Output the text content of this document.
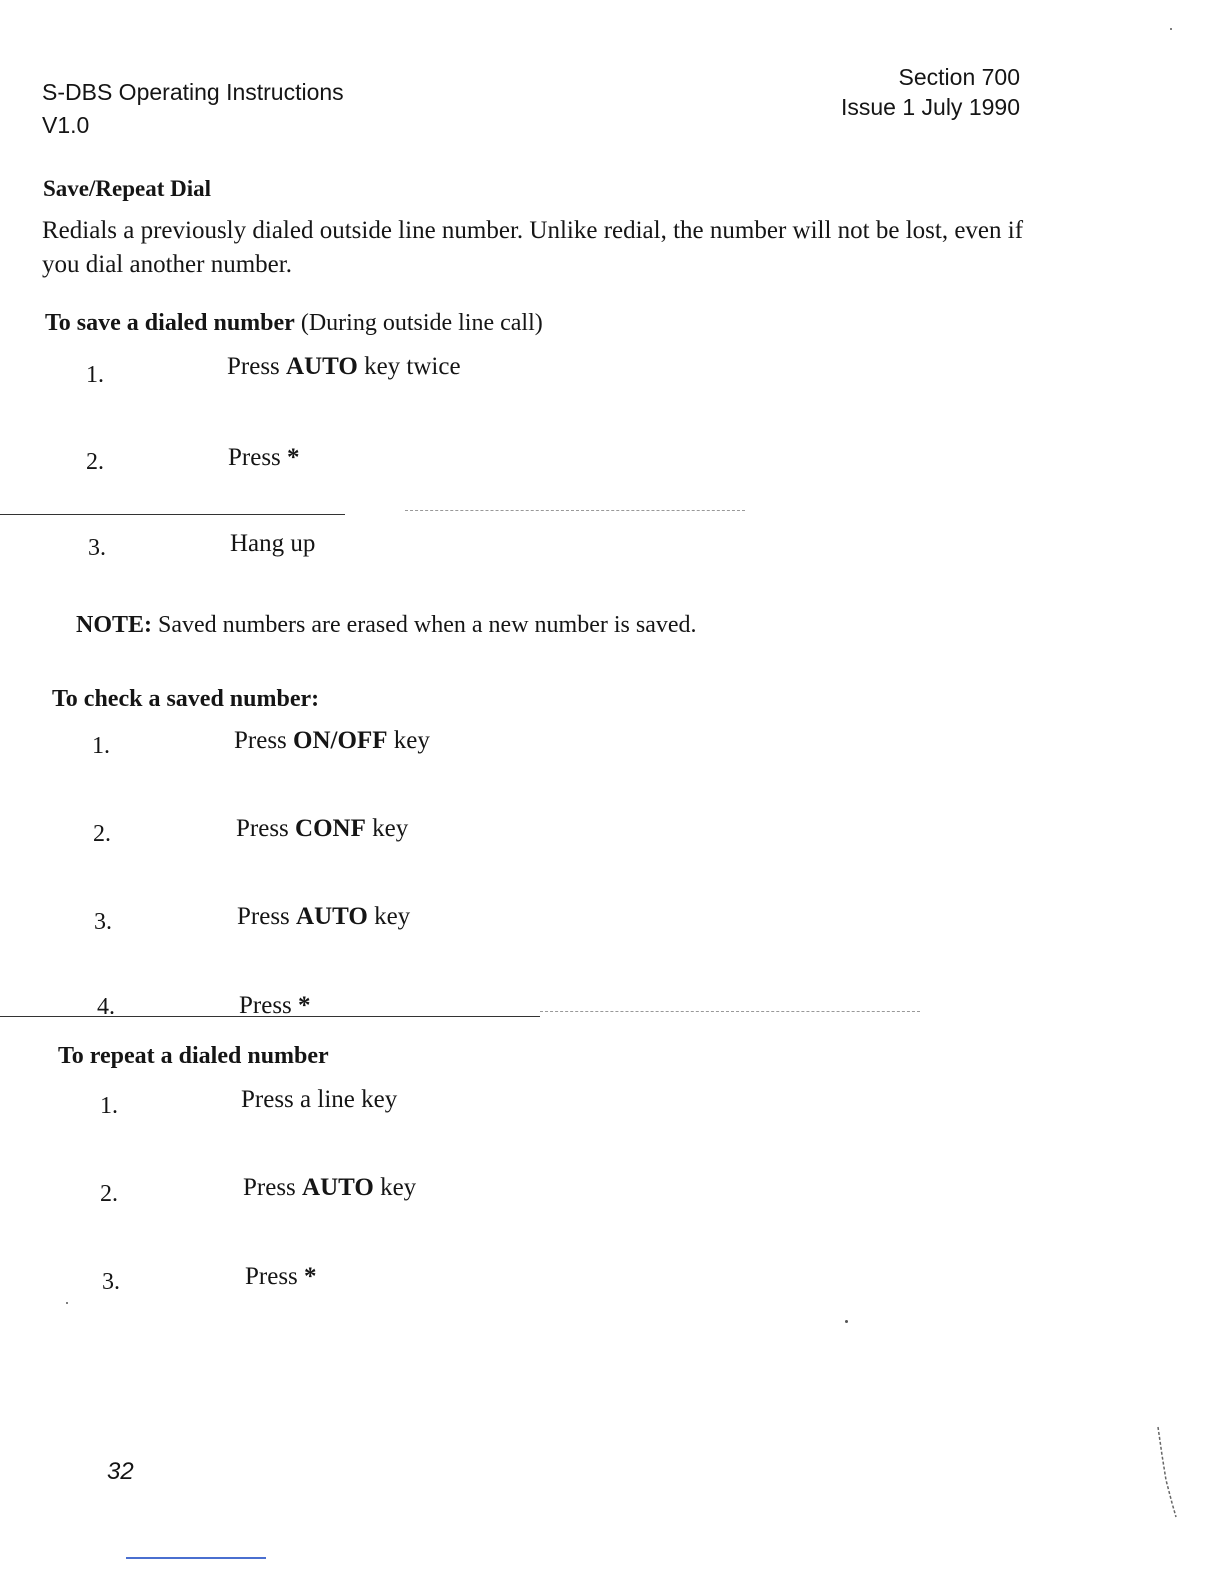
S-DBS Operating Instructions
V1.0
Section 700
Issue 1 July 1990
Save/Repeat Dial
Redials a previously dialed outside line number. Unlike redial, the number will not be lost, even if you dial another number.
To save a dialed number (During outside line call)
1.	Press AUTO key twice
2.	Press *
3.	Hang up
NOTE: Saved numbers are erased when a new number is saved.
To check a saved number:
1.	Press ON/OFF key
2.	Press CONF key
3.	Press AUTO key
4.	Press *
To repeat a dialed number
1.	Press a line key
2.	Press AUTO key
3.	Press *
32
